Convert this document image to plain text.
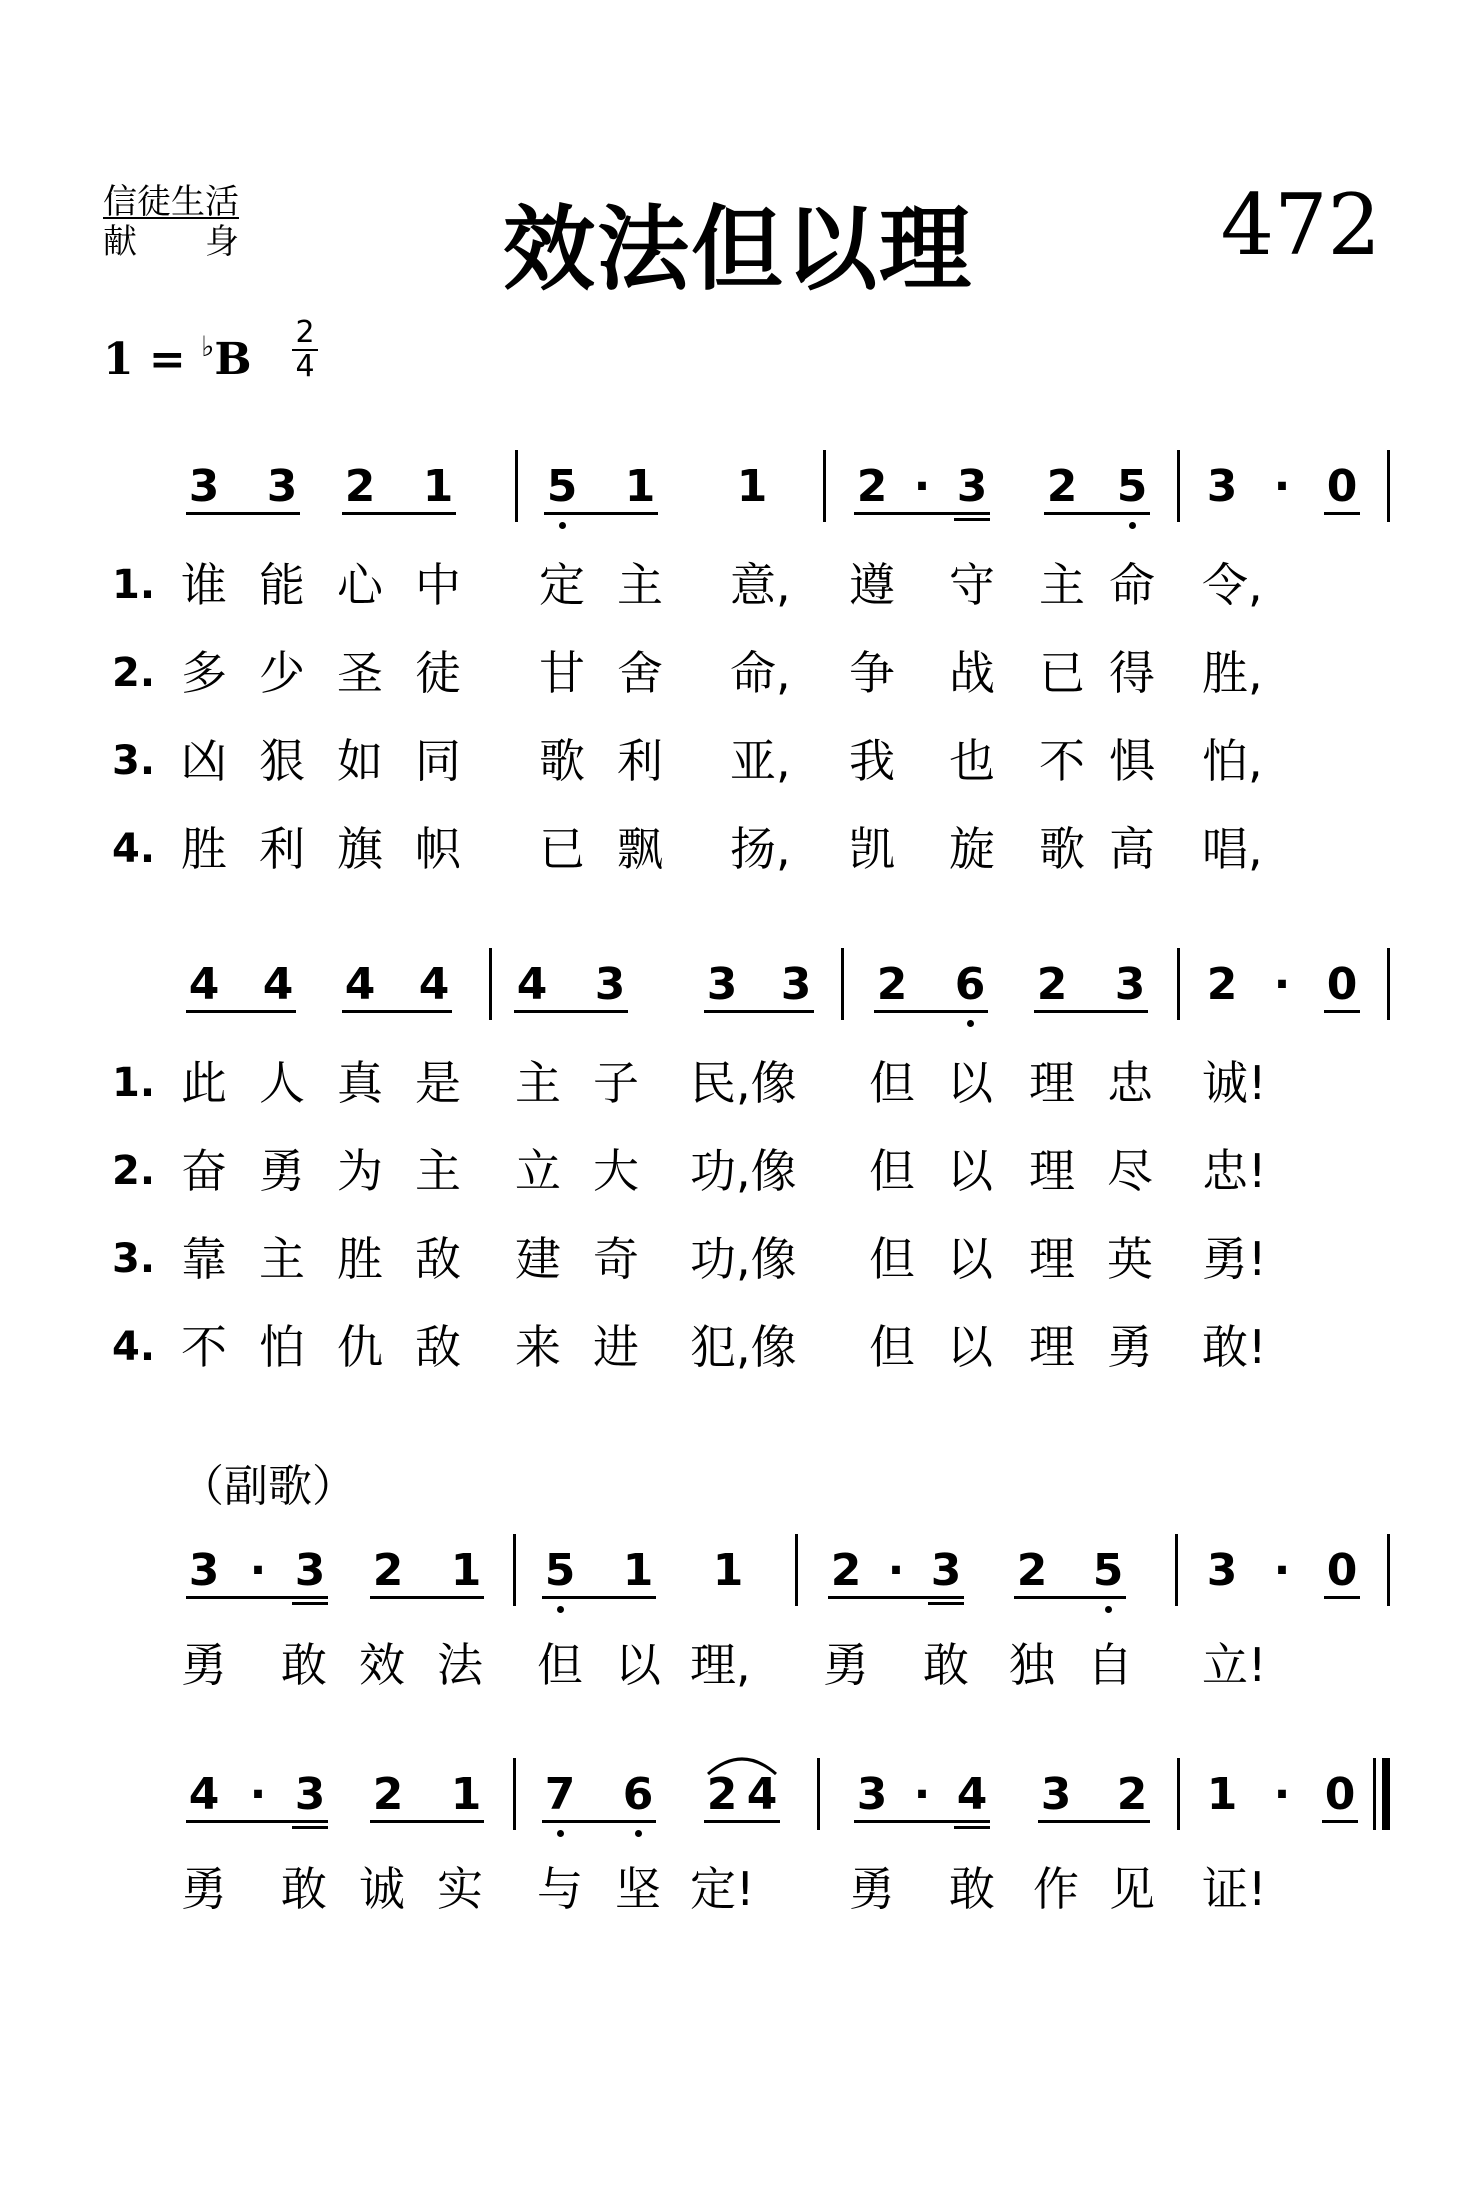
信徒生活
献　　身	效法但以理	472
1 = ♭B
2
4
3 3 2 1 5 1 1 2 · 3 2 5 3 · 0
1. 谁 能 心 中 定 主 意,	遵 守 主 命 令,
2. 多 少 圣 徒 甘 舍 命,	争 战 已 得 胜,
3. 凶 狠 如 同 歌 利 亚,	我 也 不 惧 怕,
4. 胜 利 旗 帜 已 飘 扬,	凯 旋 歌 高 唱,
4 4 4 4 4 3 3 3 2 6 2 3 2 · 0
1. 此 人 真 是 主 子 民,像	但 以 理 忠 诚!
2. 奋 勇 为 主 立 大 功,像	但 以 理 尽 忠!
3. 靠 主 胜 敌 建 奇 功,像	但 以 理 英 勇!
4. 不 怕 仇 敌 来 进 犯,像	但 以 理 勇 敢!
（副歌）
3 · 3 2 1 5 1 1 2 · 3 2 5 3 · 0
勇 敢 效 法 但 以 理,	勇 敢 独 自 立!
4 · 3 2 1 7 6 2 4 3 · 4 3 2 1 · 0
勇 敢 诚 实 与 坚 定!	勇 敢 作 见 证!
